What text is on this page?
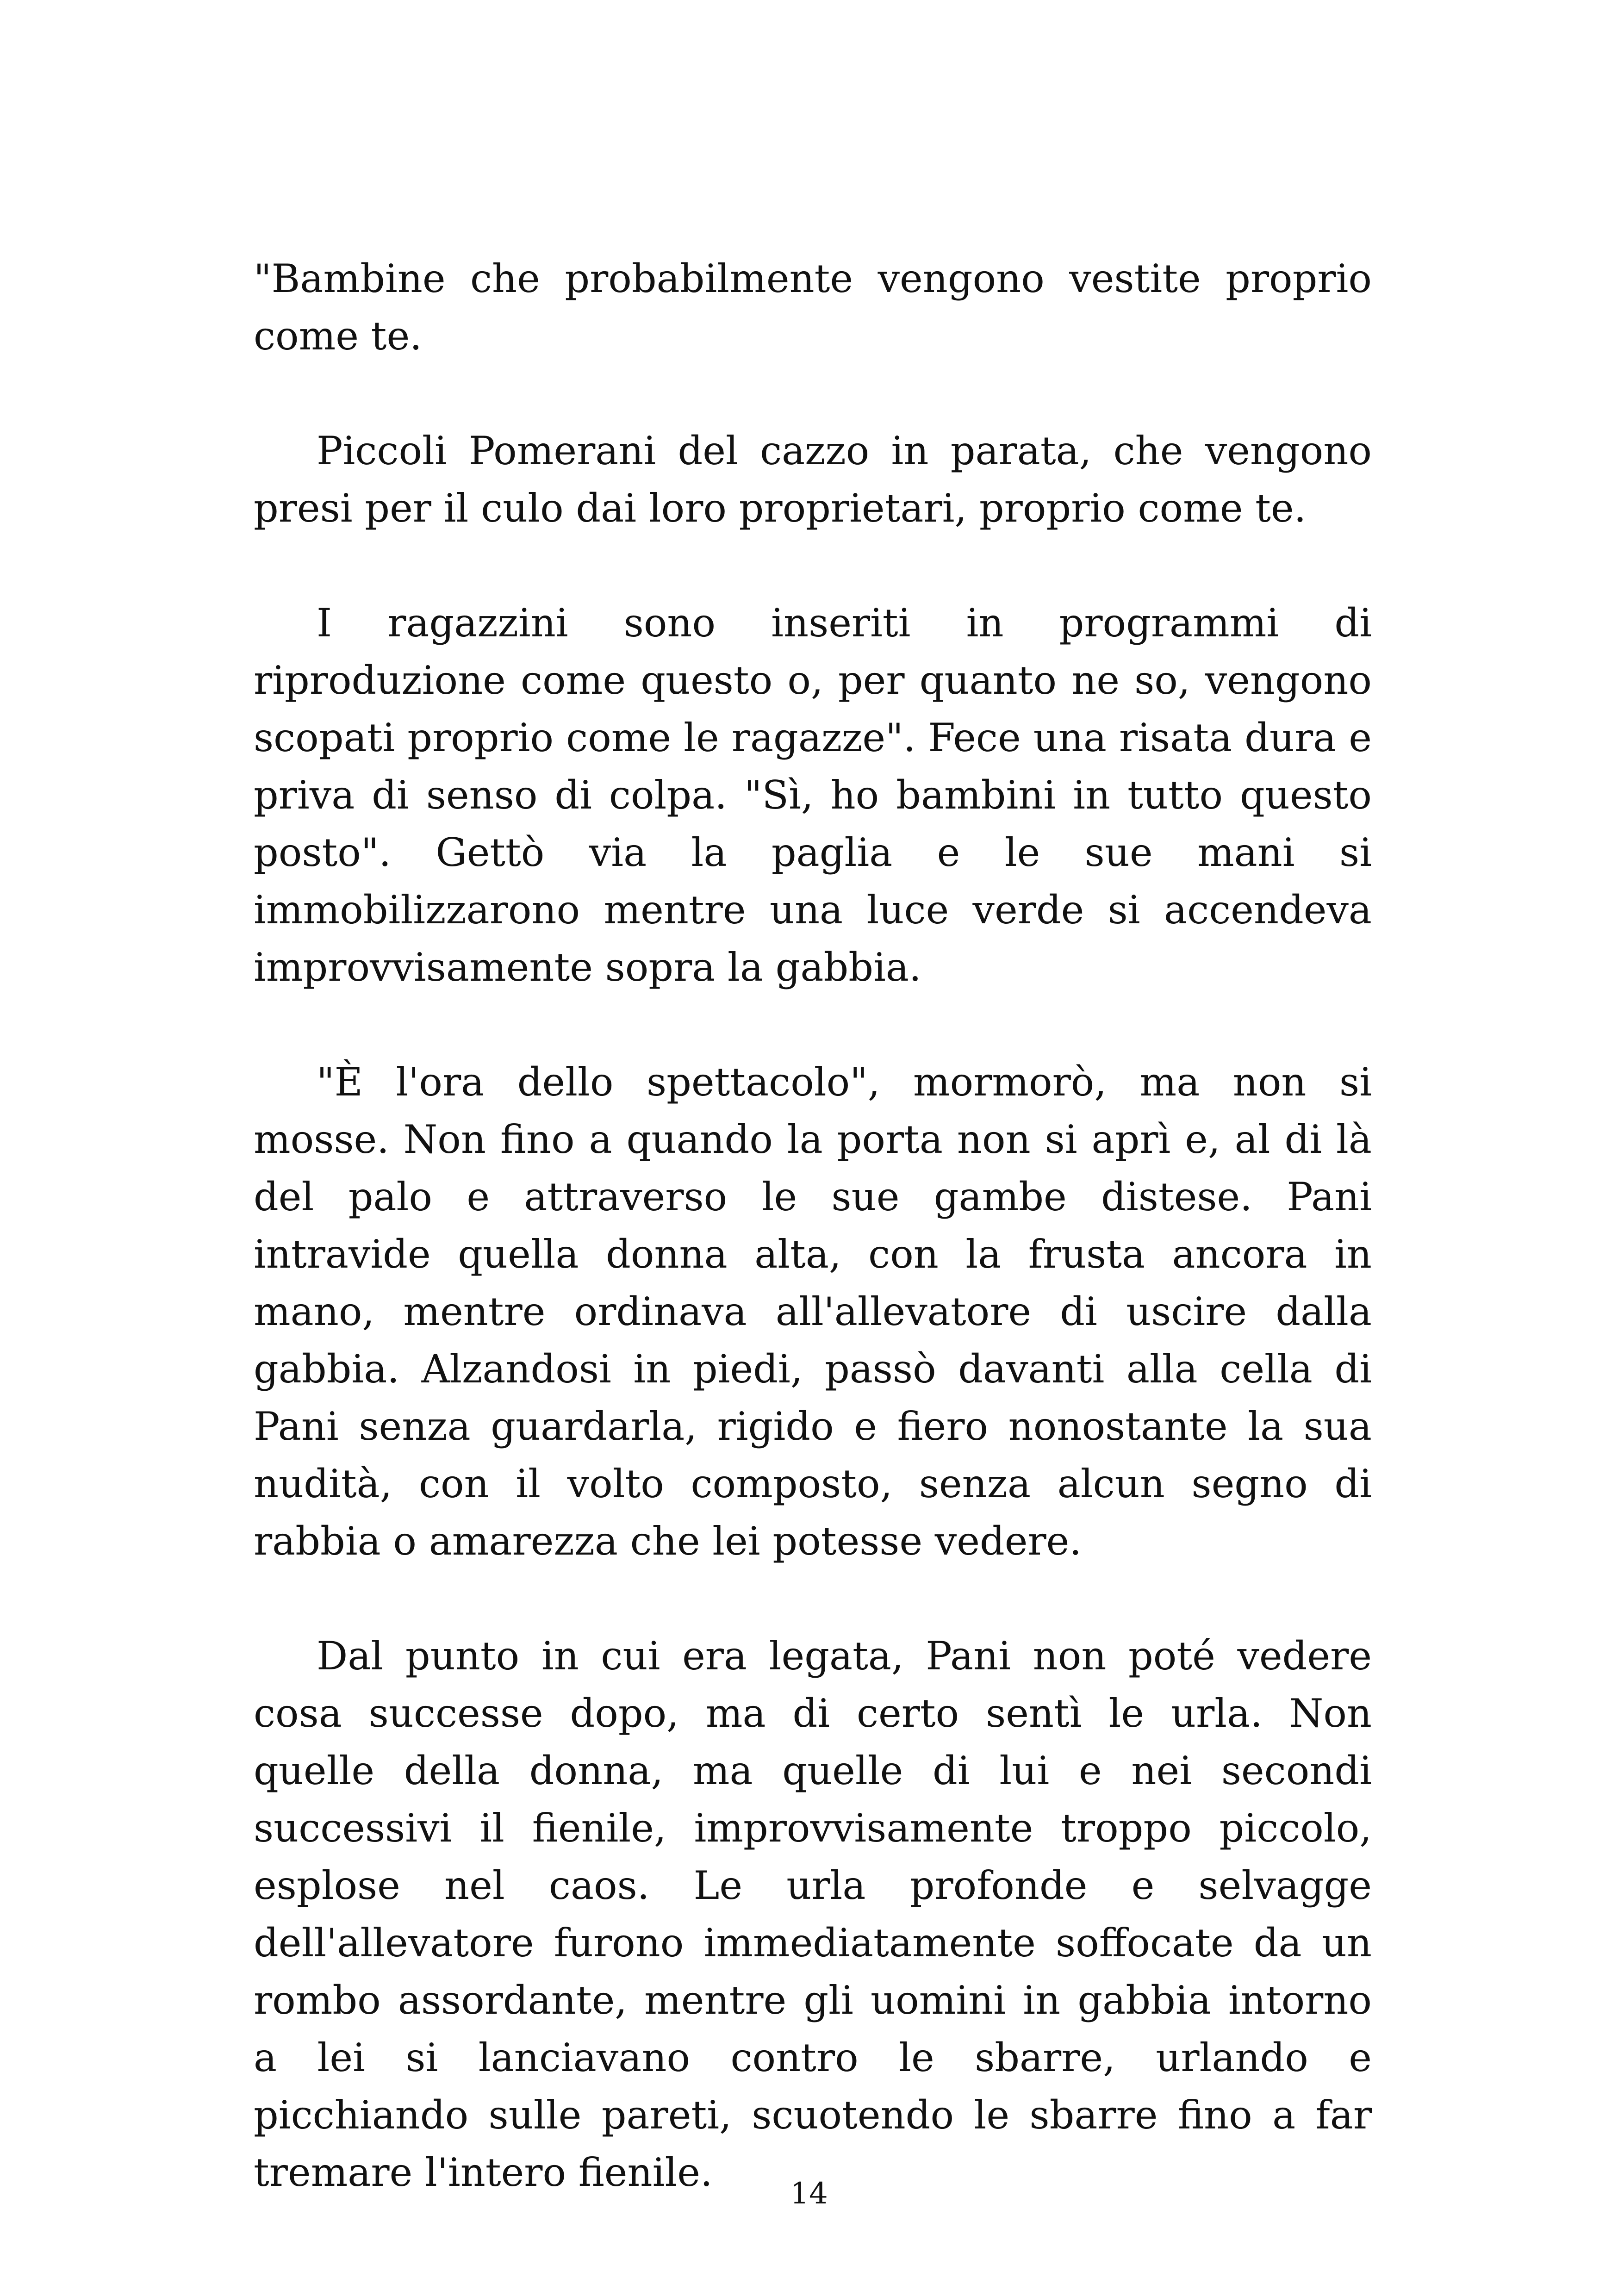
"Bambine che probabilmente vengono vestite proprio come te.

Piccoli Pomerani del cazzo in parata, che vengono presi per il culo dai loro proprietari, proprio come te.

I ragazzini sono inseriti in programmi di riproduzione come questo o, per quanto ne so, vengono scopati proprio come le ragazze". Fece una risata dura e priva di senso di colpa. "Sì, ho bambini in tutto questo posto". Gettò via la paglia e le sue mani si immobilizzarono mentre una luce verde si accendeva improvvisamente sopra la gabbia.

"È l'ora dello spettacolo", mormorò, ma non si mosse. Non fino a quando la porta non si aprì e, al di là del palo e attraverso le sue gambe distese. Pani intravide quella donna alta, con la frusta ancora in mano, mentre ordinava all'allevatore di uscire dalla gabbia. Alzandosi in piedi, passò davanti alla cella di Pani senza guardarla, rigido e fiero nonostante la sua nudità, con il volto composto, senza alcun segno di rabbia o amarezza che lei potesse vedere.

Dal punto in cui era legata, Pani non poté vedere cosa successe dopo, ma di certo sentì le urla. Non quelle della donna, ma quelle di lui e nei secondi successivi il fienile, improvvisamente troppo piccolo, esplose nel caos. Le urla profonde e selvagge dell'allevatore furono immediatamente soffocate da un rombo assordante, mentre gli uomini in gabbia intorno a lei si lanciavano contro le sbarre, urlando e picchiando sulle pareti, scuotendo le sbarre fino a far tremare l'intero fienile.	14
